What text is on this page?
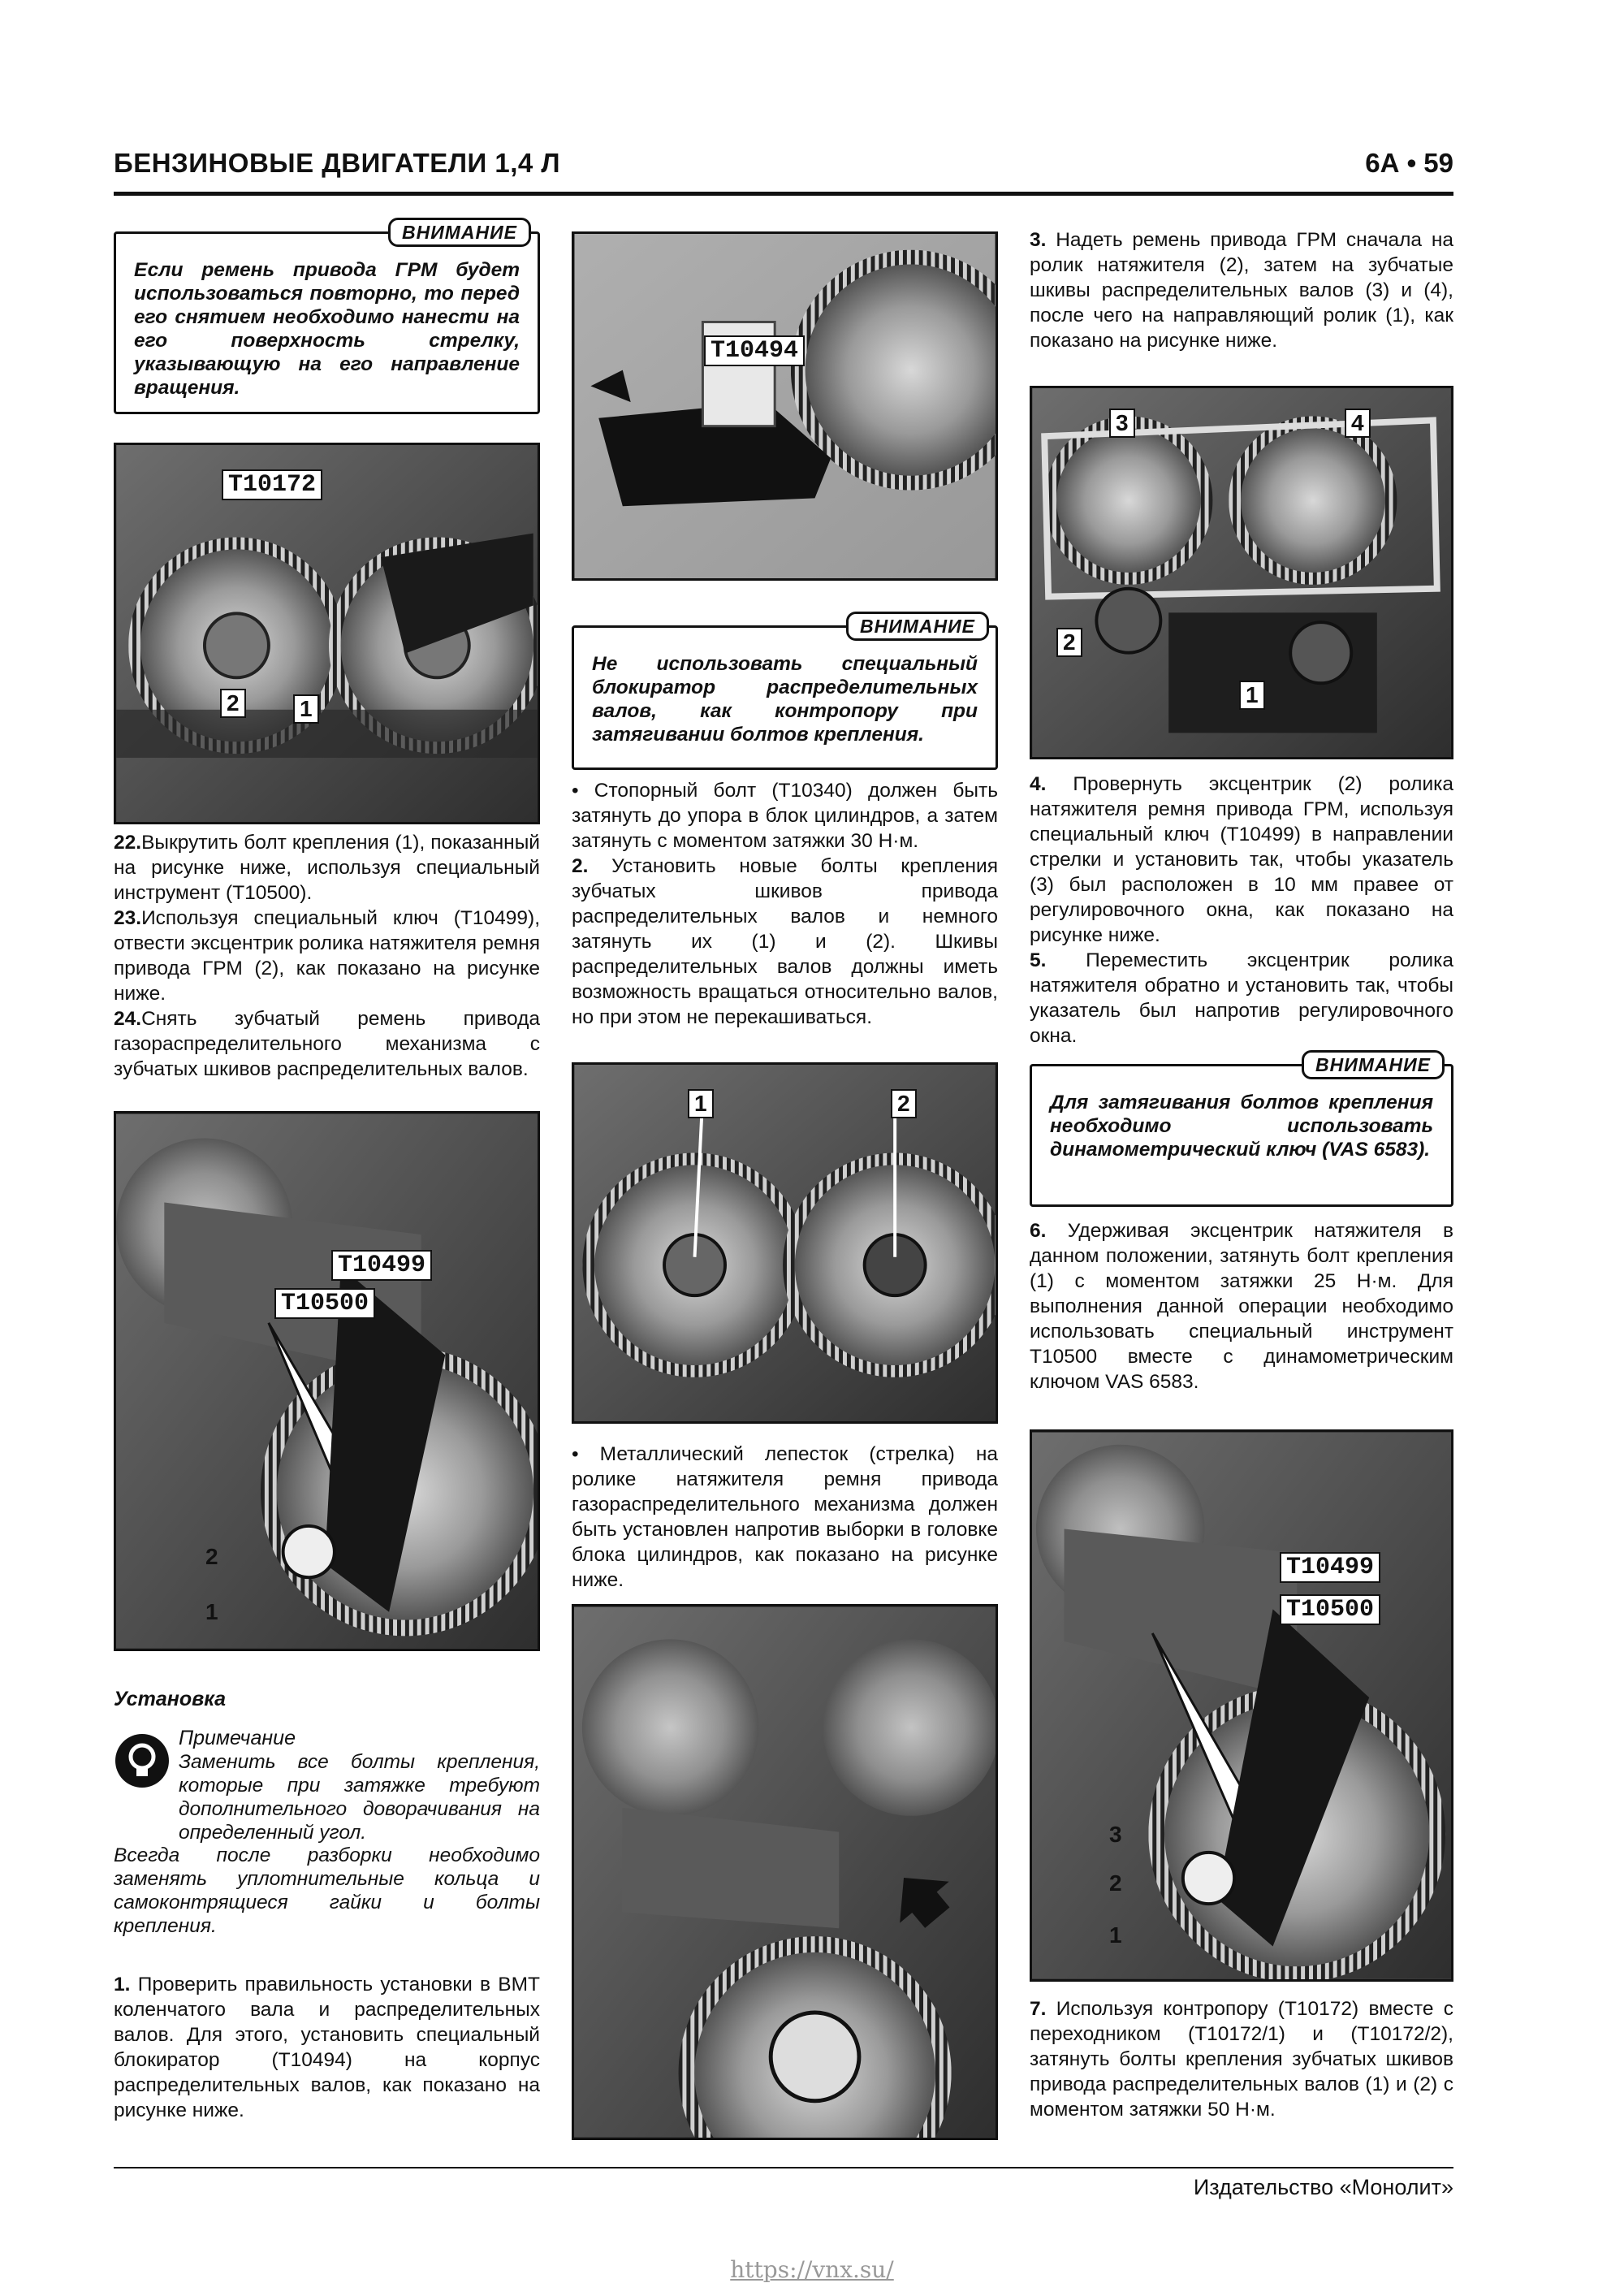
БЕНЗИНОВЫЕ ДВИГАТЕЛИ 1,4 Л	6А • 59
ВНИМАНИЕ
Если ремень привода ГРМ будет использоваться повторно, то перед его снятием необходимо нанести на его поверхность стрелку, указывающую на его направление вращения.
T10172
2	1

22.Выкрутить болт крепления (1), показанный на рисунке ниже, используя специальный инструмент (T10500).

23.Используя специальный ключ (T10499), отвести эксцентрик ролика натяжителя ремня привода ГРМ (2), как показано на рисунке ниже.

24.Снять зубчатый ремень привода газораспределительного механизма с зубчатых шкивов распределительных валов.

T10499
T10500
2
1

Установка

Примечание

Заменить все болты крепления, которые при затяжке требуют дополнительного доворачивания на определенный угол.

Всегда после разборки необходимо заменять уплотнительные кольца и самоконтрящиеся гайки и болты крепления.

1. Проверить правильность установки в ВМТ коленчатого вала и распределительных валов. Для этого, установить специальный блокиратор (T10494) на корпус распределительных валов, как показано на рисунке ниже.

T10494
ВНИМАНИЕ
Не использовать специальный блокиратор распределительных валов, как контропору при затягивании болтов крепления.

• Стопорный болт (T10340) должен быть затянуть до упора в блок цилиндров, а затем затянуть с моментом затяжки 30 Н·м.

2. Установить новые болты крепления зубчатых шкивов привода распределительных валов и немного затянуть их (1) и (2). Шкивы распределительных валов должны иметь возможность вращаться относительно валов, но при этом не перекашиваться.

1	2

• Металлический лепесток (стрелка) на ролике натяжителя ремня привода газораспределительного механизма должен быть установлен напротив выборки в головке блока цилиндров, как показано на рисунке ниже.

3. Надеть ремень привода ГРМ сначала на ролик натяжителя (2), затем на зубчатые шкивы распределительных валов (3) и (4), после чего на направляющий ролик (1), как показано на рисунке ниже.

3	4
2
1

4. Провернуть эксцентрик (2) ролика натяжителя ремня привода ГРМ, используя специальный ключ (T10499) в направлении стрелки и установить так, чтобы указатель (3) был расположен в 10 мм правее от регулировочного окна, как показано на рисунке ниже.

5. Переместить эксцентрик ролика натяжителя обратно и установить так, чтобы указатель был напротив регулировочного окна.

ВНИМАНИЕ
Для затягивания болтов крепления необходимо использовать динамометрический ключ (VAS 6583).

6. Удерживая эксцентрик натяжителя в данном положении, затянуть болт крепления (1) с моментом затяжки 25 Н·м. Для выполнения данной операции необходимо использовать специальный инструмент T10500 вместе с динамометрическим ключом VAS 6583.

T10499
T10500
3
2
1

7. Используя контропору (T10172) вместе с переходником (T10172/1) и (T10172/2), затянуть болты крепления зубчатых шкивов привода распределительных валов (1) и (2) с моментом затяжки 50 Н·м.

Издательство «Монолит»
https://vnx.su/
